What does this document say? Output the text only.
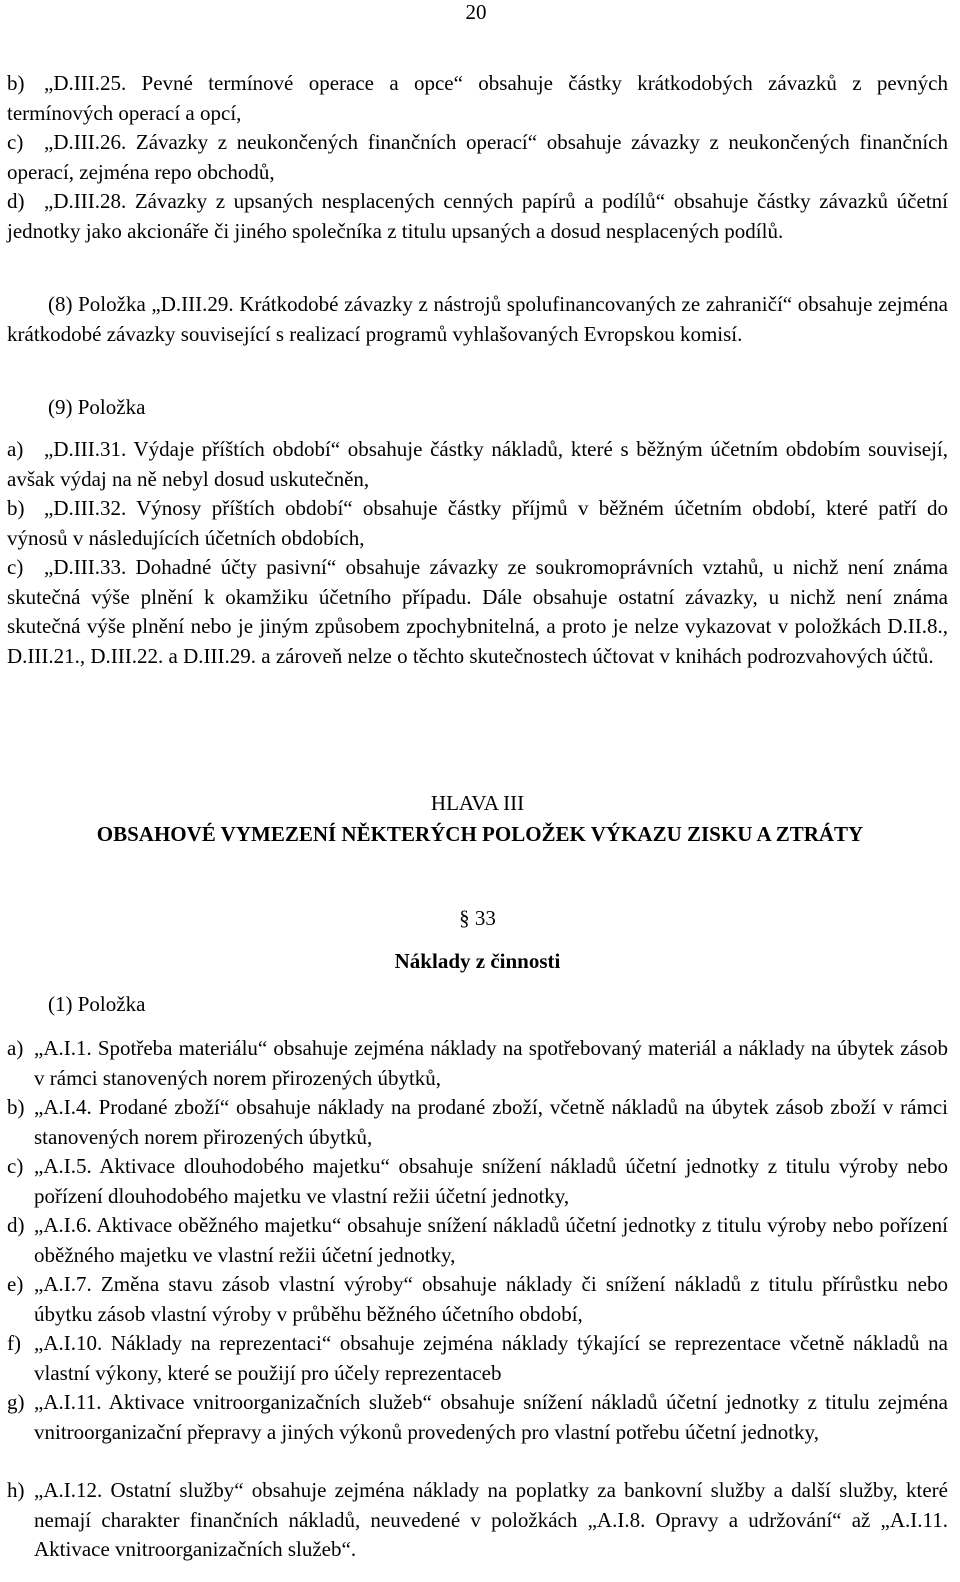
20
b) „D.III.25. Pevné termínové operace a opce“ obsahuje částky krátkodobých závazků z pevných termínových operací a opcí,
c) „D.III.26. Závazky z neukončených finančních operací“ obsahuje závazky z neukončených finančních operací, zejména repo obchodů,
d) „D.III.28. Závazky z upsaných nesplacených cenných papírů a podílů“ obsahuje částky závazků účetní jednotky jako akcionáře či jiného společníka z titulu upsaných a dosud nesplacených podílů.

(8) Položka „D.III.29. Krátkodobé závazky z nástrojů spolufinancovaných ze zahraničí“ obsahuje zejména krátkodobé závazky související s realizací programů vyhlašovaných Evropskou komisí.

(9) Položka
a) „D.III.31. Výdaje příštích období“ obsahuje částky nákladů, které s běžným účetním obdobím souvisejí, avšak výdaj na ně nebyl dosud uskutečněn,
b) „D.III.32. Výnosy příštích období“ obsahuje částky příjmů v běžném účetním období, které patří do výnosů v následujících účetních obdobích,
c) „D.III.33. Dohadné účty pasivní“ obsahuje závazky ze soukromoprávních vztahů, u nichž není známa skutečná výše plnění k okamžiku účetního případu. Dále obsahuje ostatní závazky, u nichž není známa skutečná výše plnění nebo je jiným způsobem zpochybnitelná, a proto je nelze vykazovat v položkách D.II.8., D.III.21., D.III.22. a D.III.29. a zároveň nelze o těchto skutečnostech účtovat v knihách podrozvahových účtů.
HLAVA III
OBSAHOVÉ VYMEZENÍ NĚKTERÝCH POLOŽEK VÝKAZU ZISKU A ZTRÁTY
§ 33
Náklady z činnosti
(1) Položka
a) „A.I.1. Spotřeba materiálu“ obsahuje zejména náklady na spotřebovaný materiál a náklady na úbytek zásob v rámci stanovených norem přirozených úbytků,
b) „A.I.4. Prodané zboží“ obsahuje náklady na prodané zboží, včetně nákladů na úbytek zásob zboží v rámci stanovených norem přirozených úbytků,
c) „A.I.5. Aktivace dlouhodobého majetku“ obsahuje snížení nákladů účetní jednotky z titulu výroby nebo pořízení dlouhodobého majetku ve vlastní režii účetní jednotky,
d) „A.I.6. Aktivace oběžného majetku“ obsahuje snížení nákladů účetní jednotky z titulu výroby nebo pořízení oběžného majetku ve vlastní režii účetní jednotky,
e) „A.I.7. Změna stavu zásob vlastní výroby“ obsahuje náklady či snížení nákladů z titulu přírůstku nebo úbytku zásob vlastní výroby v průběhu běžného účetního období,
f) „A.I.10. Náklady na reprezentaci“ obsahuje zejména náklady týkající se reprezentace včetně nákladů na vlastní výkony, které se použijí pro účely reprezentaceb
g) „A.I.11. Aktivace vnitroorganizačních služeb“ obsahuje snížení nákladů účetní jednotky z titulu zejména vnitroorganizační přepravy a jiných výkonů provedených pro vlastní potřebu účetní jednotky,
h) „A.I.12. Ostatní služby“ obsahuje zejména náklady na poplatky za bankovní služby a další služby, které nemají charakter finančních nákladů, neuvedené v položkách „A.I.8. Opravy a udržování“ až „A.I.11. Aktivace vnitroorganizačních služeb“.
